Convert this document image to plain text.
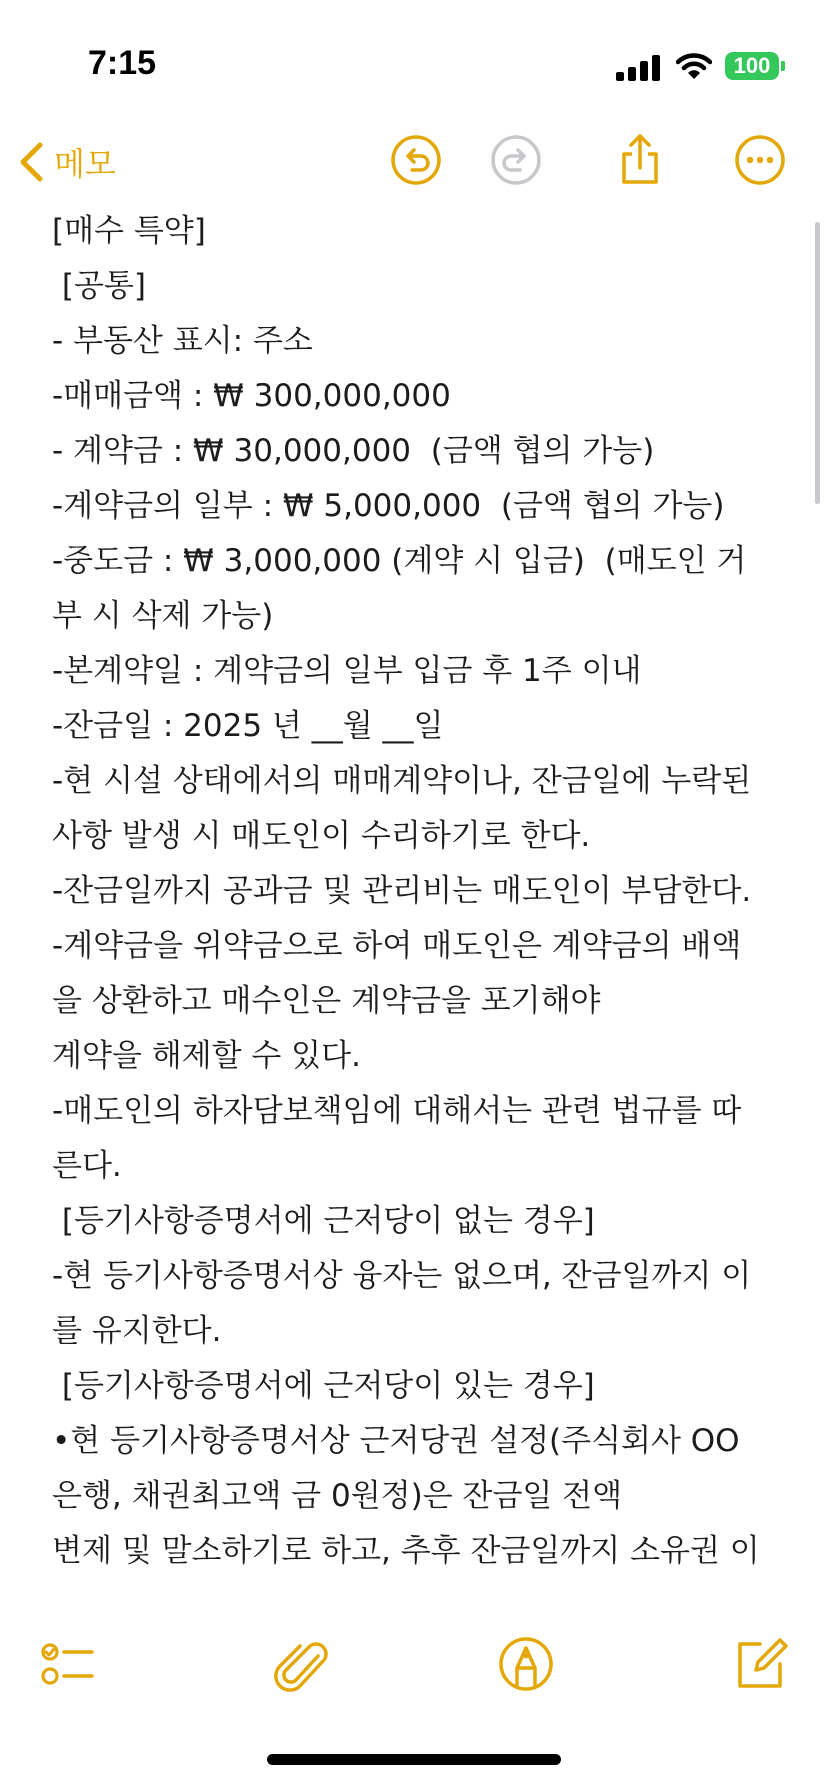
7:15	100
메모
[매수 특약]
[공통]
- 부동산 표시: 주소
-매매금액 : ₩ 300,000,000
- 계약금 : ₩ 30,000,000  (금액 협의 가능)
-계약금의 일부 : ₩ 5,000,000  (금액 협의 가능)
-중도금 : ₩ 3,000,000 (계약 시 입금)  (매도인 거
부 시 삭제 가능)
-본계약일 : 계약금의 일부 입금 후 1주 이내
-잔금일 : 2025 년 __월 __일
-현 시설 상태에서의 매매계약이나, 잔금일에 누락된
사항 발생 시 매도인이 수리하기로 한다.
-잔금일까지 공과금 및 관리비는 매도인이 부담한다.
-계약금을 위약금으로 하여 매도인은 계약금의 배액
을 상환하고 매수인은 계약금을 포기해야
계약을 해제할 수 있다.
-매도인의 하자담보책임에 대해서는 관련 법규를 따
른다.
[등기사항증명서에 근저당이 없는 경우]
-현 등기사항증명서상 융자는 없으며, 잔금일까지 이
를 유지한다.
[등기사항증명서에 근저당이 있는 경우]
•현 등기사항증명서상 근저당권 설정(주식회사 OO
은행, 채권최고액 금 0원정)은 잔금일 전액
변제 및 말소하기로 하고, 추후 잔금일까지 소유권 이
